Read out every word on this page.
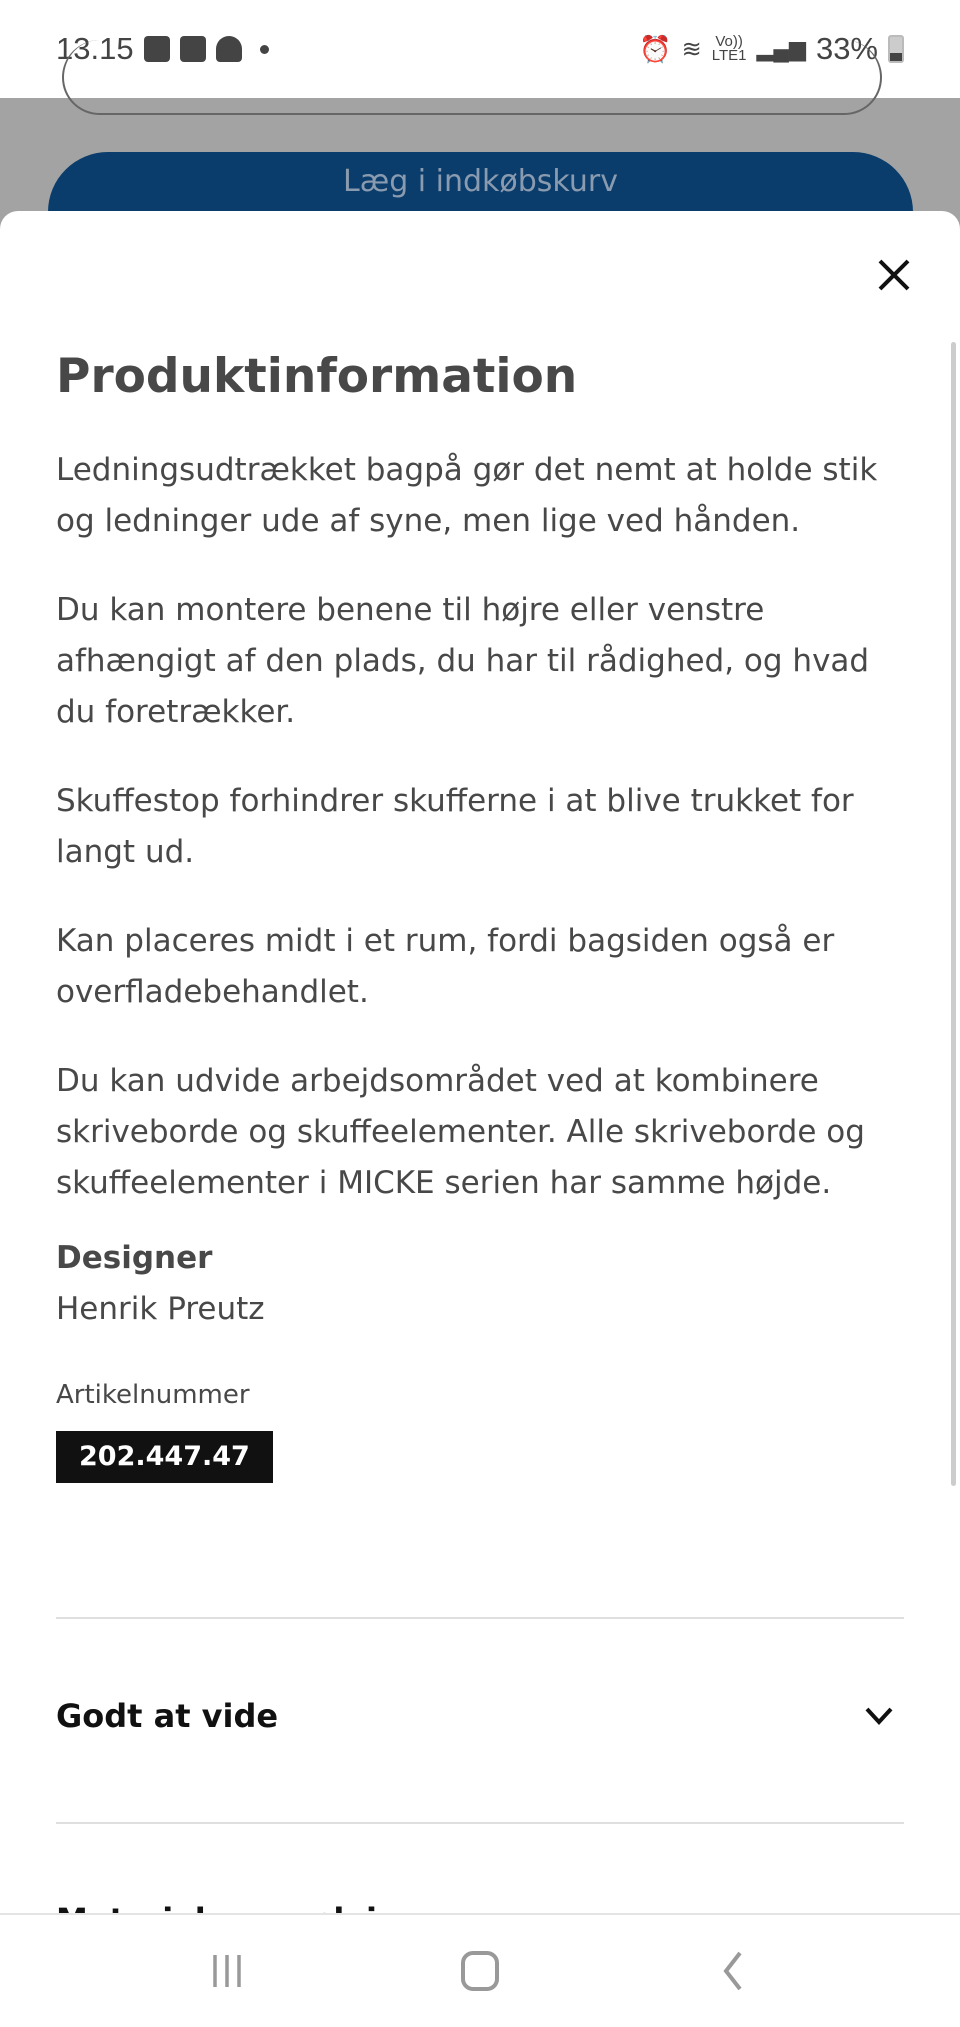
13.15	⏰ ≋ Vo))
LTE1 ▂▄▆ 33%
Læg i indkøbskurv
Produktinformation

Ledningsudtrækket bagpå gør det nemt at holde stik og ledninger ude af syne, men lige ved hånden.

Du kan montere benene til højre eller venstre afhængigt af den plads, du har til rådighed, og hvad du foretrækker.

Skuffestop forhindrer skufferne i at blive trukket for langt ud.

Kan placeres midt i et rum, fordi bagsiden også er overfladebehandlet.

Du kan udvide arbejdsområdet ved at kombinere skriveborde og skuffeelementer. Alle skriveborde og skuffeelementer i MICKE serien har samme højde.

Designer
Henrik Preutz
Artikelnummer
202.447.47
Godt at vide
